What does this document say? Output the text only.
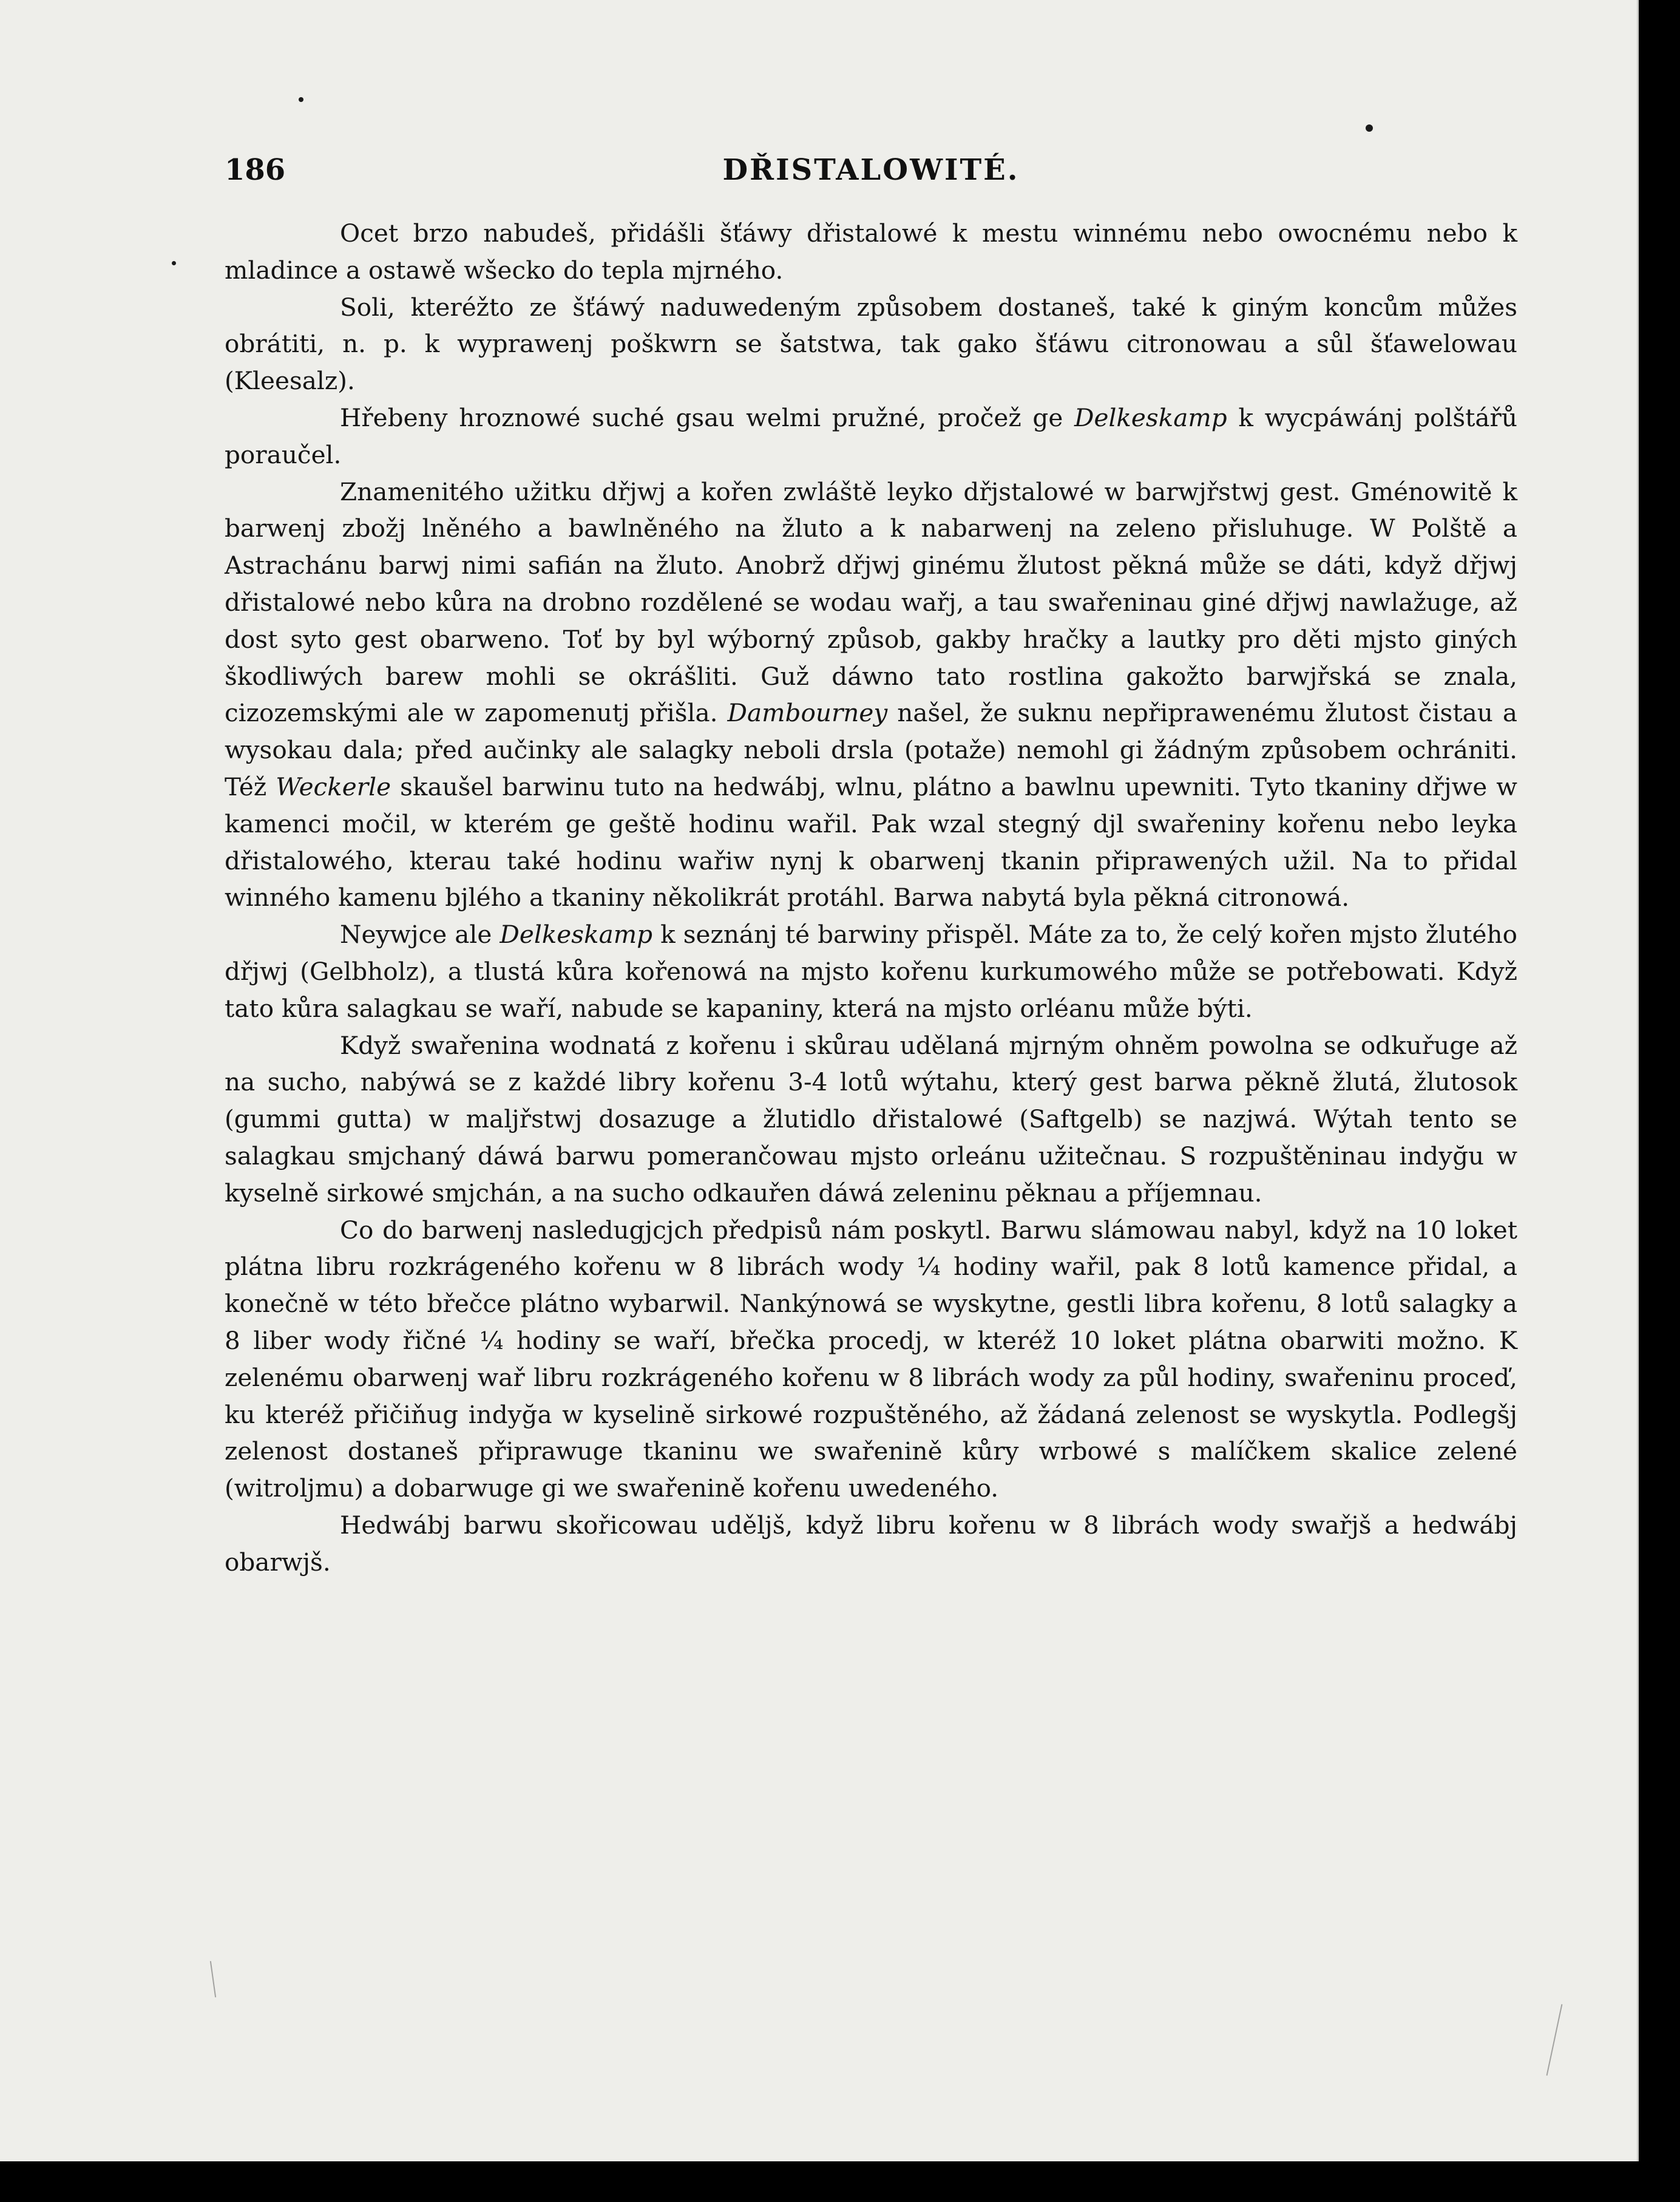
186	DŘISTALOWITÉ.

Ocet brzo nabudeš, přidášli šťáwy dřistalowé k mestu winnému nebo owocnému nebo k mladince a ostawě wšecko do tepla mjrného.

Soli, kteréžto ze šťáwý naduwedeným způsobem dostaneš, také k giným koncům můžes obrátiti, n. p. k wyprawenj poškwrn se šatstwa, tak gako šťáwu citronowau a sůl šťawelowau (Kleesalz).

Hřebeny hroznowé suché gsau welmi pružné, pročež ge Delkeskamp k wycpáwánj polštářů poraučel.

Znamenitého užitku dřjwj a kořen zwláště leyko dřjstalowé w barwjřstwj gest. Gménowitě k barwenj zbožj lněného a bawlněného na žluto a k nabarwenj na zeleno přisluhuge. W Polště a Astrachánu barwj nimi safián na žluto. Anobrž dřjwj ginému žlutost pěkná může se dáti, když dřjwj dřistalowé nebo kůra na drobno rozdělené se wodau wařj, a tau swařeninau giné dřjwj nawlažuge, až dost syto gest obarweno. Toť by byl wýborný způsob, gakby hračky a lautky pro děti mjsto giných škodliwých barew mohli se okrášliti. Guž dáwno tato rostlina gakožto barwjřská se znala, cizozemskými ale w zapomenutj přišla. Dambourney našel, že suknu nepřiprawenému žlutost čistau a wysokau dala; před aučinky ale salagky neboli drsla (potaže) nemohl gi žádným způsobem ochrániti. Též Weckerle skaušel barwinu tuto na hedwábj, wlnu, plátno a bawlnu upewniti. Tyto tkaniny dřjwe w kamenci močil, w kterém ge geště hodinu wařil. Pak wzal stegný djl swařeniny kořenu nebo leyka dřistalowého, kterau také hodinu wařiw nynj k obarwenj tkanin připrawených užil. Na to přidal winného kamenu bjlého a tkaniny několikrát protáhl. Barwa nabytá byla pěkná citronowá.

Neywjce ale Delkeskamp k seznánj té barwiny přispěl. Máte za to, že celý kořen mjsto žlutého dřjwj (Gelbholz), a tlustá kůra kořenowá na mjsto kořenu kurkumowého může se potřebowati. Když tato kůra salagkau se waří, nabude se kapaniny, která na mjsto orléanu může býti.

Když swařenina wodnatá z kořenu i skůrau udělaná mjrným ohněm powolna se odkuřuge až na sucho, nabýwá se z každé libry kořenu 3-4 lotů wýtahu, který gest barwa pěkně žlutá, žlutosok (gummi gutta) w maljřstwj dosazuge a žlutidlo dřistalowé (Saftgelb) se nazjwá. Wýtah tento se salagkau smjchaný dáwá barwu pomerančowau mjsto orleánu užitečnau. S rozpuštěninau indyğu w kyselně sirkowé smjchán, a na sucho odkauřen dáwá zeleninu pěknau a příjemnau.

Co do barwenj nasledugjcjch předpisů nám poskytl. Barwu slámowau nabyl, když na 10 loket plátna libru rozkrágeného kořenu w 8 librách wody ¼ hodiny wařil, pak 8 lotů kamence přidal, a konečně w této břečce plátno wybarwil. Nankýnowá se wyskytne, gestli libra kořenu, 8 lotů salagky a 8 liber wody řičné ¼ hodiny se waří, břečka procedj, w kteréž 10 loket plátna obarwiti možno. K zelenému obarwenj wař libru rozkrágeného kořenu w 8 librách wody za půl hodiny, swařeninu proceď, ku kteréž přičiňug indyğa w kyselině sirkowé rozpuštěného, až žádaná zelenost se wyskytla. Podlegšj zelenost dostaneš připrawuge tkaninu we swařenině kůry wrbowé s malíčkem skalice zelené (witroljmu) a dobarwuge gi we swařenině kořenu uwedeného.

Hedwábj barwu skořicowau udělјš, když libru kořenu w 8 librách wody swařjš a hedwábj obarwjš.
